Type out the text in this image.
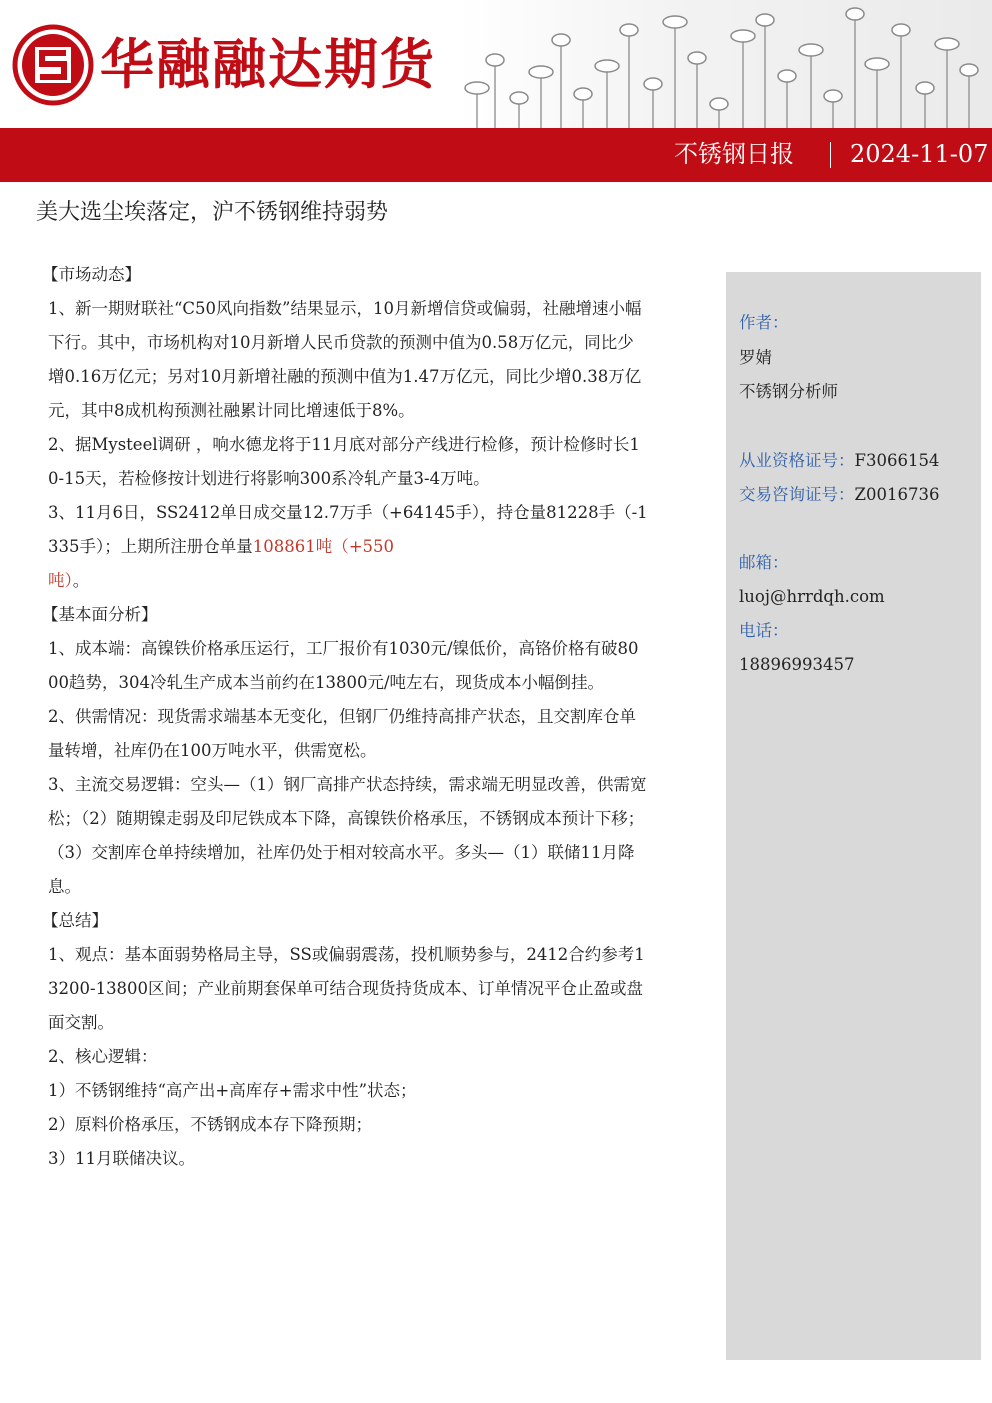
华融融达期货
不锈钢日报 2024-11-07
美大选尘埃落定，沪不锈钢维持弱势

【市场动态】

1、新一期财联社“C50风向指数”结果显示，10月新增信贷或偏弱，社融增速小幅下行。其中，市场机构对10月新增人民币贷款的预测中值为0.58万亿元，同比少增0.16万亿元；另对10月新增社融的预测中值为1.47万亿元，同比少增0.38万亿元，其中8成机构预测社融累计同比增速低于8%。

2、据Mysteel调研 ，响水德龙将于11月底对部分产线进行检修，预计检修时长10-15天，若检修按计划进行将影响300系冷轧产量3-4万吨。

3、11月6日，SS2412单日成交量12.7万手（+64145手），持仓量81228手（-1335手）；上期所注册仓单量108861吨（+550
吨）。

【基本面分析】

1、成本端：高镍铁价格承压运行，工厂报价有1030元/镍低价，高铬价格有破8000趋势，304冷轧生产成本当前约在13800元/吨左右，现货成本小幅倒挂。

2、供需情况：现货需求端基本无变化，但钢厂仍维持高排产状态，且交割库仓单量转增，社库仍在100万吨水平，供需宽松。

3、主流交易逻辑：空头—（1）钢厂高排产状态持续，需求端无明显改善，供需宽松；（2）随期镍走弱及印尼铁成本下降，高镍铁价格承压，不锈钢成本预计下移；（3）交割库仓单持续增加，社库仍处于相对较高水平。多头—（1）联储11月降息。

【总结】

1、观点：基本面弱势格局主导，SS或偏弱震荡，投机顺势参与，2412合约参考13200-13800区间；产业前期套保单可结合现货持货成本、订单情况平仓止盈或盘面交割。

2、核心逻辑：

1）不锈钢维持“高产出+高库存+需求中性”状态；

2）原料价格承压，不锈钢成本存下降预期；

3）11月联储决议。

作者：

罗婧

不锈钢分析师

从业资格证号：F3066154

交易咨询证号：Z0016736

邮箱：

luoj@hrrdqh.com

电话：

18896993457
